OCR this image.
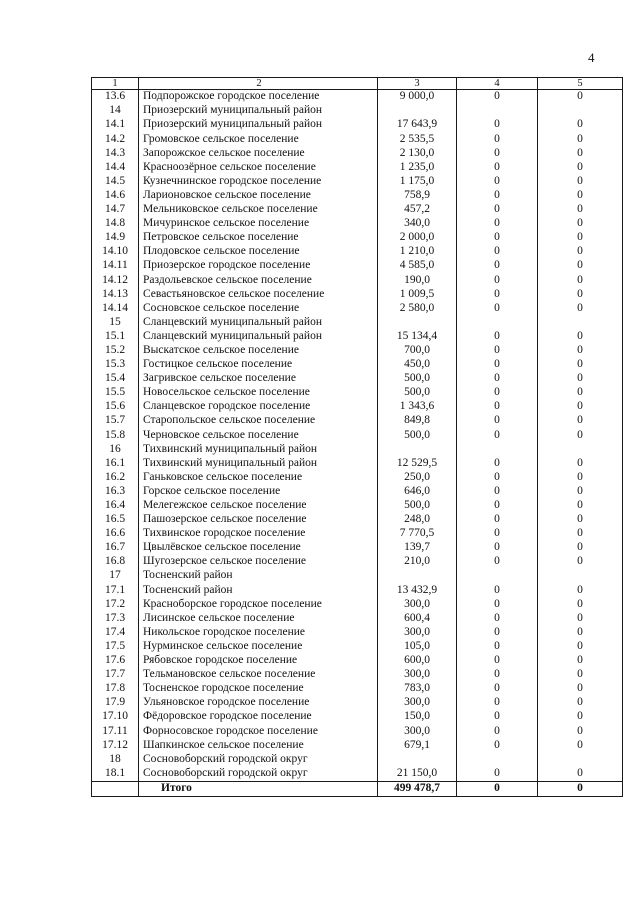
4
1	2	3	4	5
13.6	Подпорожское городское поселение	9 000,0	0	0
14	Приозерский муниципальный район			
14.1	Приозерский муниципальный район	17 643,9	0	0
14.2	Громовское сельское поселение	2 535,5	0	0
14.3	Запорожское сельское поселение	2 130,0	0	0
14.4	Красноозёрное сельское поселение	1 235,0	0	0
14.5	Кузнечнинское городское поселение	1 175,0	0	0
14.6	Ларионовское сельское поселение	758,9	0	0
14.7	Мельниковское сельское поселение	457,2	0	0
14.8	Мичуринское сельское поселение	340,0	0	0
14.9	Петровское сельское поселение	2 000,0	0	0
14.10	Плодовское сельское поселение	1 210,0	0	0
14.11	Приозерское городское поселение	4 585,0	0	0
14.12	Раздольевское сельское поселение	190,0	0	0
14.13	Севастьяновское сельское поселение	1 009,5	0	0
14.14	Сосновское сельское поселение	2 580,0	0	0
15	Сланцевский муниципальный район			
15.1	Сланцевский муниципальный район	15 134,4	0	0
15.2	Выскатское сельское поселение	700,0	0	0
15.3	Гостицкое сельское поселение	450,0	0	0
15.4	Загривское сельское поселение	500,0	0	0
15.5	Новосельское сельское поселение	500,0	0	0
15.6	Сланцевское городское поселение	1 343,6	0	0
15.7	Старопольское сельское поселение	849,8	0	0
15.8	Черновское сельское поселение	500,0	0	0
16	Тихвинский муниципальный район			
16.1	Тихвинский муниципальный район	12 529,5	0	0
16.2	Ганьковское сельское поселение	250,0	0	0
16.3	Горское сельское поселение	646,0	0	0
16.4	Мелегежское сельское поселение	500,0	0	0
16.5	Пашозерское сельское поселение	248,0	0	0
16.6	Тихвинское городское поселение	7 770,5	0	0
16.7	Цвылёвское сельское поселение	139,7	0	0
16.8	Шугозерское сельское поселение	210,0	0	0
17	Тосненский район			
17.1	Тосненский район	13 432,9	0	0
17.2	Красноборское городское поселение	300,0	0	0
17.3	Лисинское сельское поселение	600,4	0	0
17.4	Никольское городское поселение	300,0	0	0
17.5	Нурминское сельское поселение	105,0	0	0
17.6	Рябовское городское поселение	600,0	0	0
17.7	Тельмановское сельское поселение	300,0	0	0
17.8	Тосненское городское поселение	783,0	0	0
17.9	Ульяновское городское поселение	300,0	0	0
17.10	Фёдоровское городское поселение	150,0	0	0
17.11	Форносовское городское поселение	300,0	0	0
17.12	Шапкинское сельское поселение	679,1	0	0
18	Сосновоборский городской округ			
18.1	Сосновоборский городской округ	21 150,0	0	0
	Итого	499 478,7	0	0
